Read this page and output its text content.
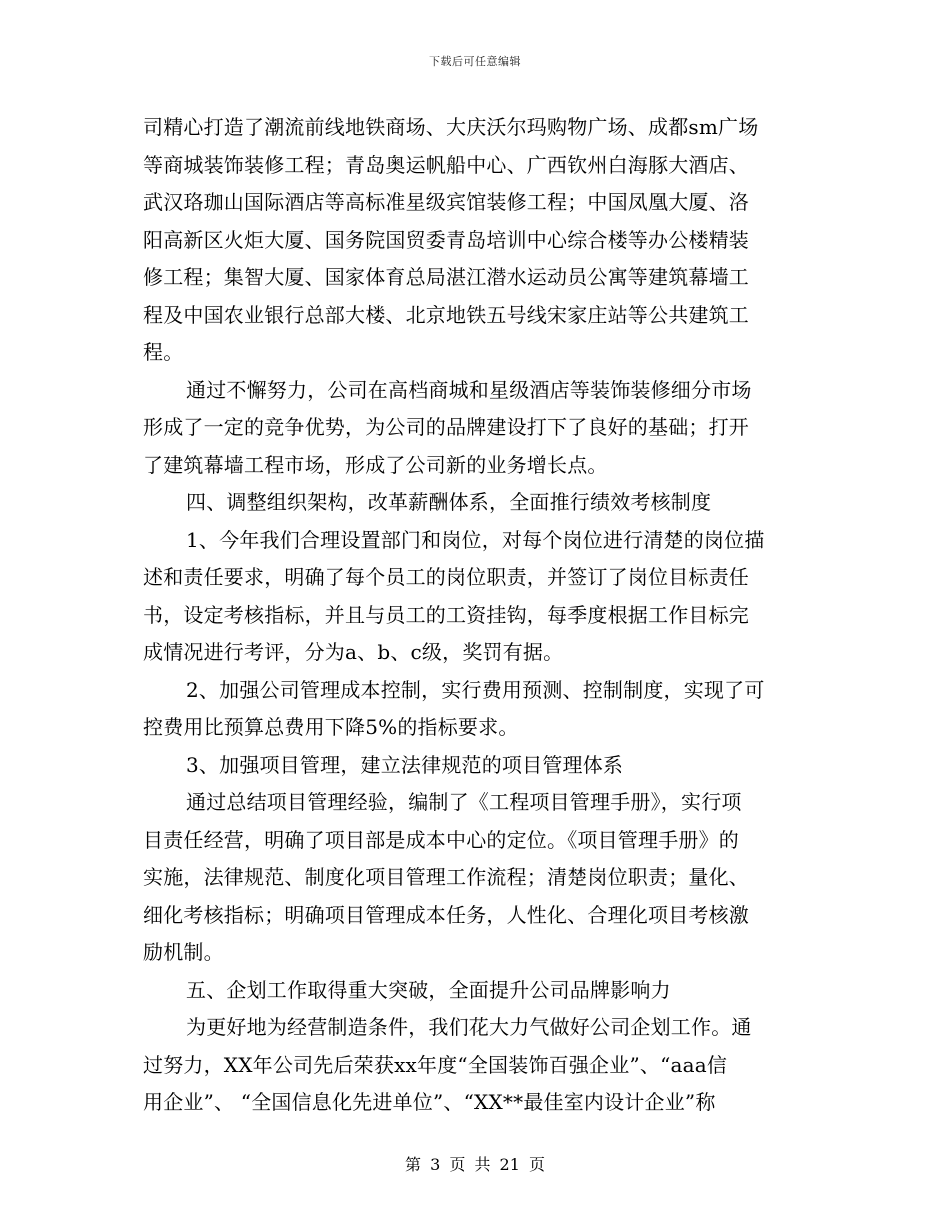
下载后可任意编辑
司精心打造了潮流前线地铁商场、大庆沃尔玛购物广场、成都sm广场
等商城装饰装修工程；青岛奥运帆船中心、广西钦州白海豚大酒店、
武汉珞珈山国际酒店等高标准星级宾馆装修工程；中国凤凰大厦、洛
阳高新区火炬大厦、国务院国贸委青岛培训中心综合楼等办公楼精装
修工程；集智大厦、国家体育总局湛江潜水运动员公寓等建筑幕墙工
程及中国农业银行总部大楼、北京地铁五号线宋家庄站等公共建筑工
程。
通过不懈努力，公司在高档商城和星级酒店等装饰装修细分市场
形成了一定的竞争优势，为公司的品牌建设打下了良好的基础；打开
了建筑幕墙工程市场，形成了公司新的业务增长点。
四、调整组织架构，改革薪酬体系，全面推行绩效考核制度
1、今年我们合理设置部门和岗位，对每个岗位进行清楚的岗位描
述和责任要求，明确了每个员工的岗位职责，并签订了岗位目标责任
书，设定考核指标，并且与员工的工资挂钩，每季度根据工作目标完
成情况进行考评，分为a、b、c级，奖罚有据。
2、加强公司管理成本控制，实行费用预测、控制制度，实现了可
控费用比预算总费用下降5%的指标要求。
3、加强项目管理，建立法律规范的项目管理体系
通过总结项目管理经验，编制了《工程项目管理手册》，实行项
目责任经营，明确了项目部是成本中心的定位。《项目管理手册》的
实施，法律规范、制度化项目管理工作流程；清楚岗位职责；量化、
细化考核指标；明确项目管理成本任务，人性化、合理化项目考核激
励机制。
五、企划工作取得重大突破，全面提升公司品牌影响力
为更好地为经营制造条件，我们花大力气做好公司企划工作。通
过努力，XX年公司先后荣获xx年度“全国装饰百强企业”、“aaa信
用企业”、 “全国信息化先进单位”、“XX**最佳室内设计企业”称
第 3 页 共 21 页
